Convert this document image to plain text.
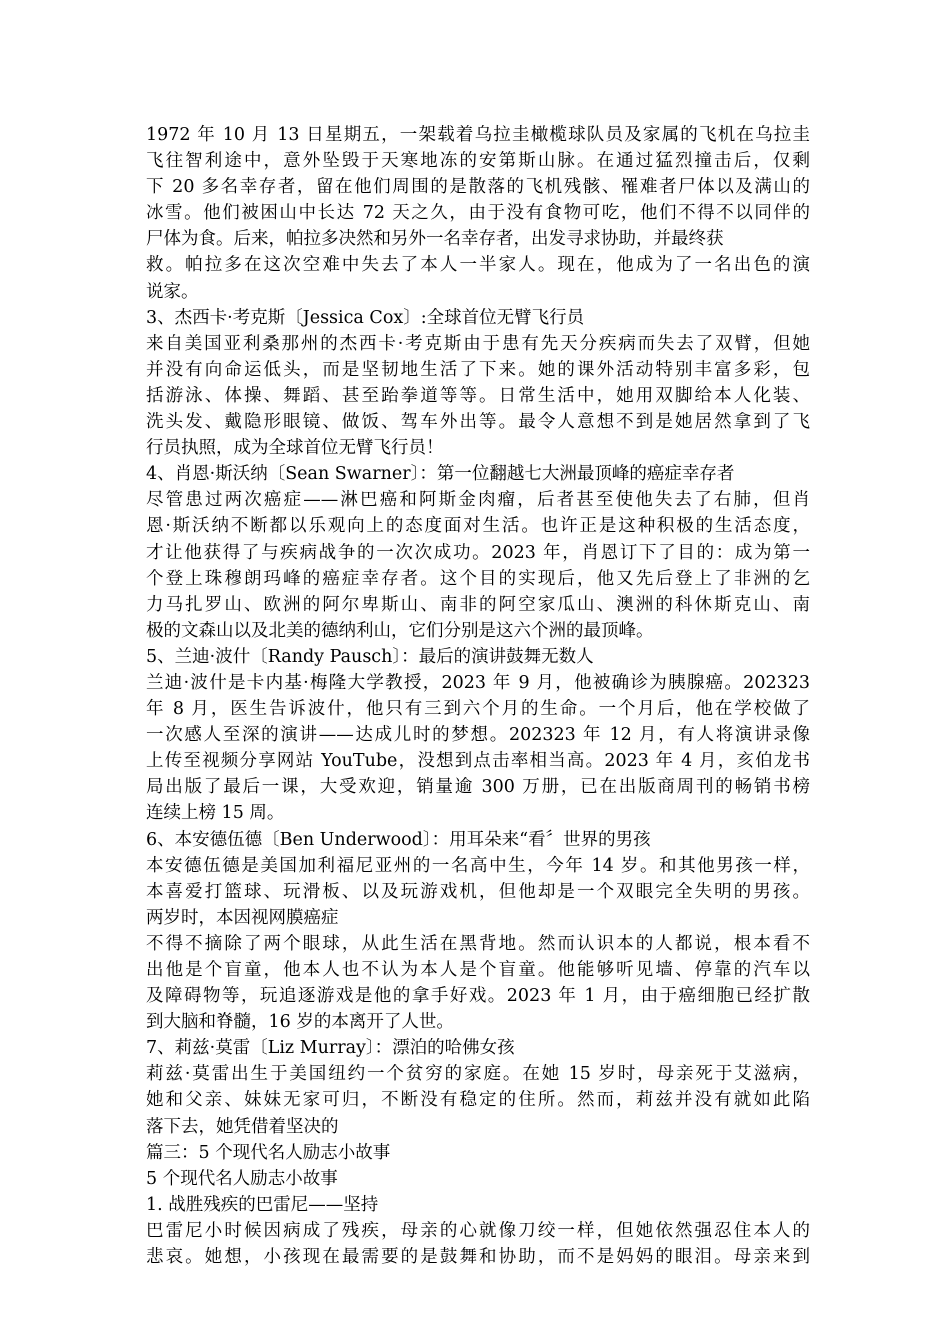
1972 年 10 月 13 日星期五，一架载着乌拉圭橄榄球队员及家属的飞机在乌拉圭
飞往智利途中，意外坠毁于天寒地冻的安第斯山脉。在通过猛烈撞击后，仅剩
下 20 多名幸存者，留在他们周围的是散落的飞机残骸、罹难者尸体以及满山的
冰雪。他们被困山中长达 72 天之久，由于没有食物可吃，他们不得不以同伴的
尸体为食。后来，帕拉多决然和另外一名幸存者，出发寻求协助，并最终获
救。帕拉多在这次空难中失去了本人一半家人。现在，他成为了一名出色的演
说家。
3、杰西卡·考克斯〔Jessica Cox〕:全球首位无臂飞行员
来自美国亚利桑那州的杰西卡·考克斯由于患有先天分疾病而失去了双臂，但她
并没有向命运低头，而是坚韧地生活了下来。她的课外活动特别丰富多彩，包
括游泳、体操、舞蹈、甚至跆拳道等等。日常生活中，她用双脚给本人化装、
洗头发、戴隐形眼镜、做饭、驾车外出等。最令人意想不到是她居然拿到了飞
行员执照，成为全球首位无臂飞行员！
4、肖恩·斯沃纳〔Sean Swarner〕：第一位翻越七大洲最顶峰的癌症幸存者
尽管患过两次癌症——淋巴癌和阿斯金肉瘤，后者甚至使他失去了右肺，但肖
恩·斯沃纳不断都以乐观向上的态度面对生活。也许正是这种积极的生活态度，
才让他获得了与疾病战争的一次次成功。2023 年，肖恩订下了目的：成为第一
个登上珠穆朗玛峰的癌症幸存者。这个目的实现后，他又先后登上了非洲的乞
力马扎罗山、欧洲的阿尔卑斯山、南非的阿空家瓜山、澳洲的科休斯克山、南
极的文森山以及北美的德纳利山，它们分别是这六个洲的最顶峰。
5、兰迪·波什〔Randy Pausch〕：最后的演讲鼓舞无数人
兰迪·波什是卡内基·梅隆大学教授，2023 年 9 月，他被确诊为胰腺癌。202323
年 8 月，医生告诉波什，他只有三到六个月的生命。一个月后，他在学校做了
一次感人至深的演讲——达成儿时的梦想。202323 年 12 月，有人将演讲录像
上传至视频分享网站 YouTube，没想到点击率相当高。2023 年 4 月，亥伯龙书
局出版了最后一课，大受欢迎，销量逾 300 万册，已在出版商周刊的畅销书榜
连续上榜 15 周。
6、本安德伍德〔Ben Underwood〕：用耳朵来“看〞世界的男孩
本安德伍德是美国加利福尼亚州的一名高中生，今年 14 岁。和其他男孩一样，
本喜爱打篮球、玩滑板、以及玩游戏机，但他却是一个双眼完全失明的男孩。
两岁时，本因视网膜癌症
不得不摘除了两个眼球，从此生活在黑背地。然而认识本的人都说，根本看不
出他是个盲童，他本人也不认为本人是个盲童。他能够听见墙、停靠的汽车以
及障碍物等，玩追逐游戏是他的拿手好戏。2023 年 1 月，由于癌细胞已经扩散
到大脑和脊髓，16 岁的本离开了人世。
7、莉兹·莫雷〔Liz Murray〕：漂泊的哈佛女孩
莉兹·莫雷出生于美国纽约一个贫穷的家庭。在她 15 岁时，母亲死于艾滋病，
她和父亲、妹妹无家可归，不断没有稳定的住所。然而，莉兹并没有就如此陷
落下去，她凭借着坚决的
篇三：5 个现代名人励志小故事
5 个现代名人励志小故事
1. 战胜残疾的巴雷尼——坚持
巴雷尼小时候因病成了残疾，母亲的心就像刀绞一样，但她依然强忍住本人的
悲哀。她想，小孩现在最需要的是鼓舞和协助，而不是妈妈的眼泪。母亲来到
